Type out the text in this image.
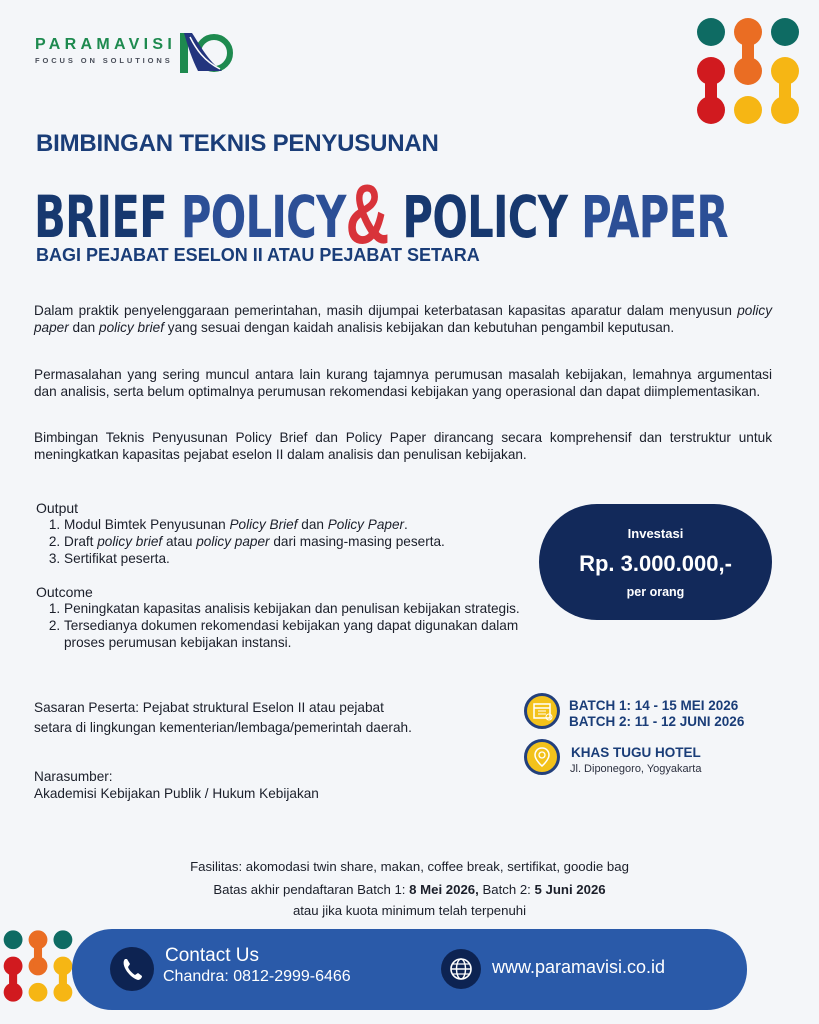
PARAMAVISI
FOCUS ON SOLUTIONS
BIMBINGAN TEKNIS PENYUSUNAN
BRIEF POLICY& POLICY PAPER
BAGI PEJABAT ESELON II ATAU PEJABAT SETARA
Dalam praktik penyelenggaraan pemerintahan, masih dijumpai keterbatasan kapasitas aparatur dalam menyusun policy paper dan policy brief yang sesuai dengan kaidah analisis kebijakan dan kebutuhan pengambil keputusan.
Permasalahan yang sering muncul antara lain kurang tajamnya perumusan masalah kebijakan, lemahnya argumentasi dan analisis, serta belum optimalnya perumusan rekomendasi kebijakan yang operasional dan dapat diimplementasikan.
Bimbingan Teknis Penyusunan Policy Brief dan Policy Paper dirancang secara komprehensif dan terstruktur untuk meningkatkan kapasitas pejabat eselon II dalam analisis dan penulisan kebijakan.
Output
1. Modul Bimtek Penyusunan Policy Brief dan Policy Paper.
2. Draft policy brief atau policy paper dari masing-masing peserta.
3. Sertifikat peserta.
Outcome
1. Peningkatan kapasitas analisis kebijakan dan penulisan kebijakan strategis.
2. Tersedianya dokumen rekomendasi kebijakan yang dapat digunakan dalam proses perumusan kebijakan instansi.
Investasi
Rp. 3.000.000,-
per orang
Sasaran Peserta: Pejabat struktural Eselon II atau pejabat
setara di lingkungan kementerian/lembaga/pemerintah daerah.
Narasumber:
Akademisi Kebijakan Publik / Hukum Kebijakan
BATCH 1: 14 - 15 MEI 2026
BATCH 2: 11 - 12 JUNI 2026
KHAS TUGU HOTEL
Jl. Diponegoro, Yogyakarta
Fasilitas: akomodasi twin share, makan, coffee break, sertifikat, goodie bag
Batas akhir pendaftaran Batch 1: 8 Mei 2026, Batch 2: 5 Juni 2026
atau jika kuota minimum telah terpenuhi
Contact Us
Chandra: 0812-2999-6466	www.paramavisi.co.id
